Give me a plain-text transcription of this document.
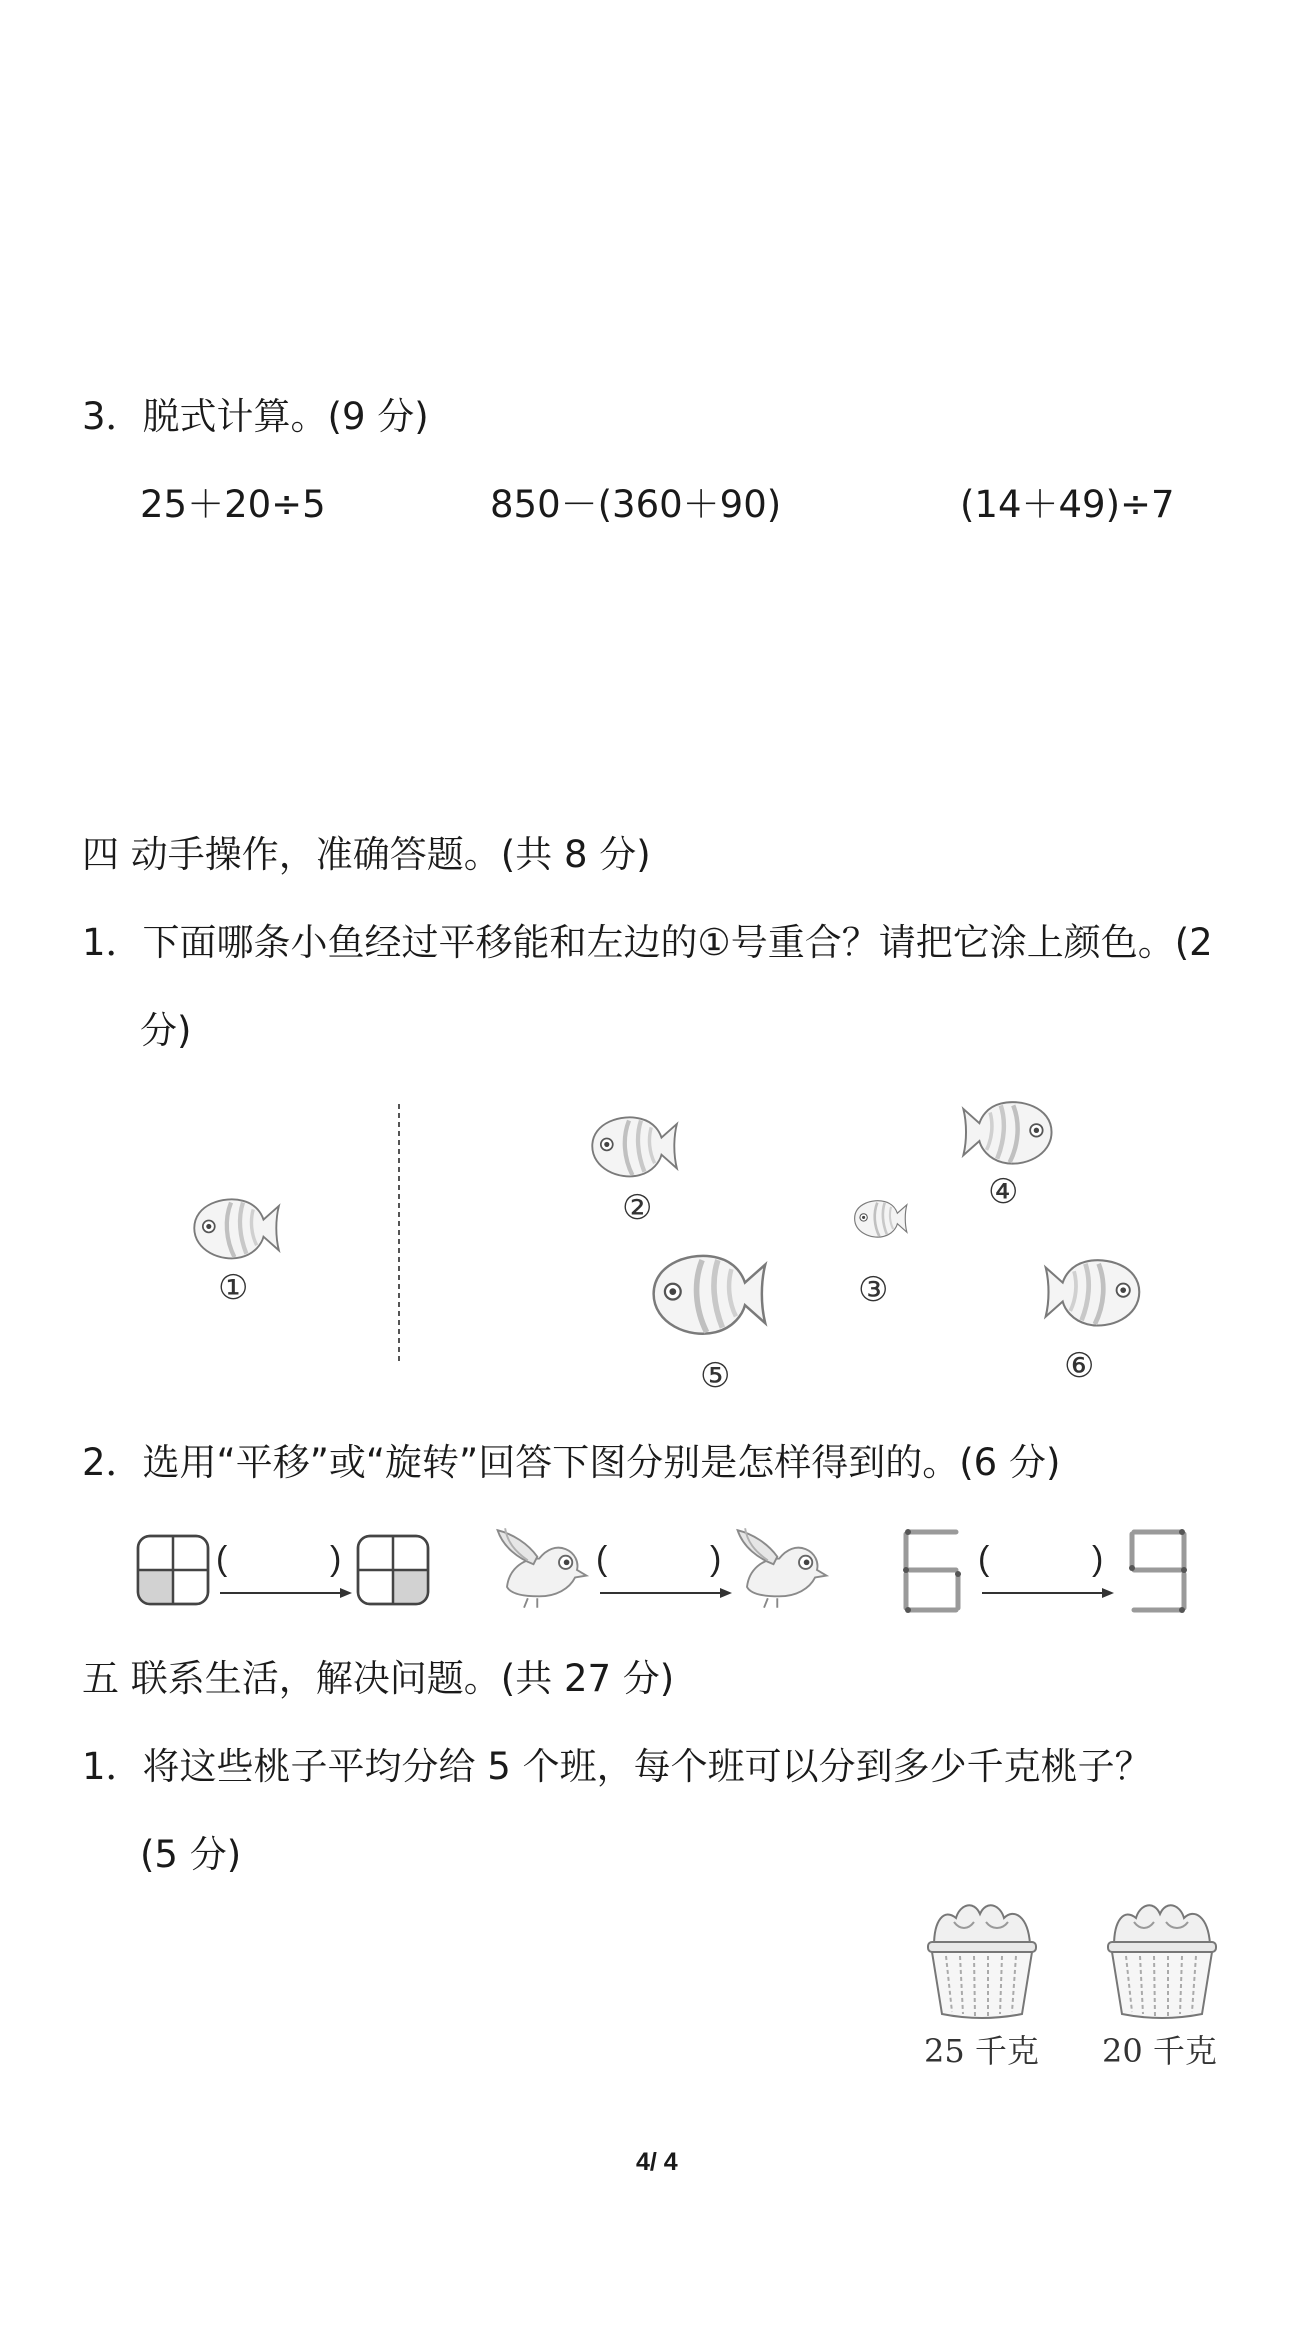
3．脱式计算。(9 分)
25＋20÷5	850－(360＋90)	(14＋49)÷7
四 动手操作，准确答题。(共 8 分)
1．下面哪条小鱼经过平移能和左边的①号重合？请把它涂上颜色。(2
分)
①
②	④
③
⑤	⑥
2．选用“平移”或“旋转”回答下图分别是怎样得到的。(6 分)
(	)	(	)	(	)
五 联系生活，解决问题。(共 27 分)
1．将这些桃子平均分给 5 个班，每个班可以分到多少千克桃子？
(5 分)
25 千克 20 千克
4/ 4
